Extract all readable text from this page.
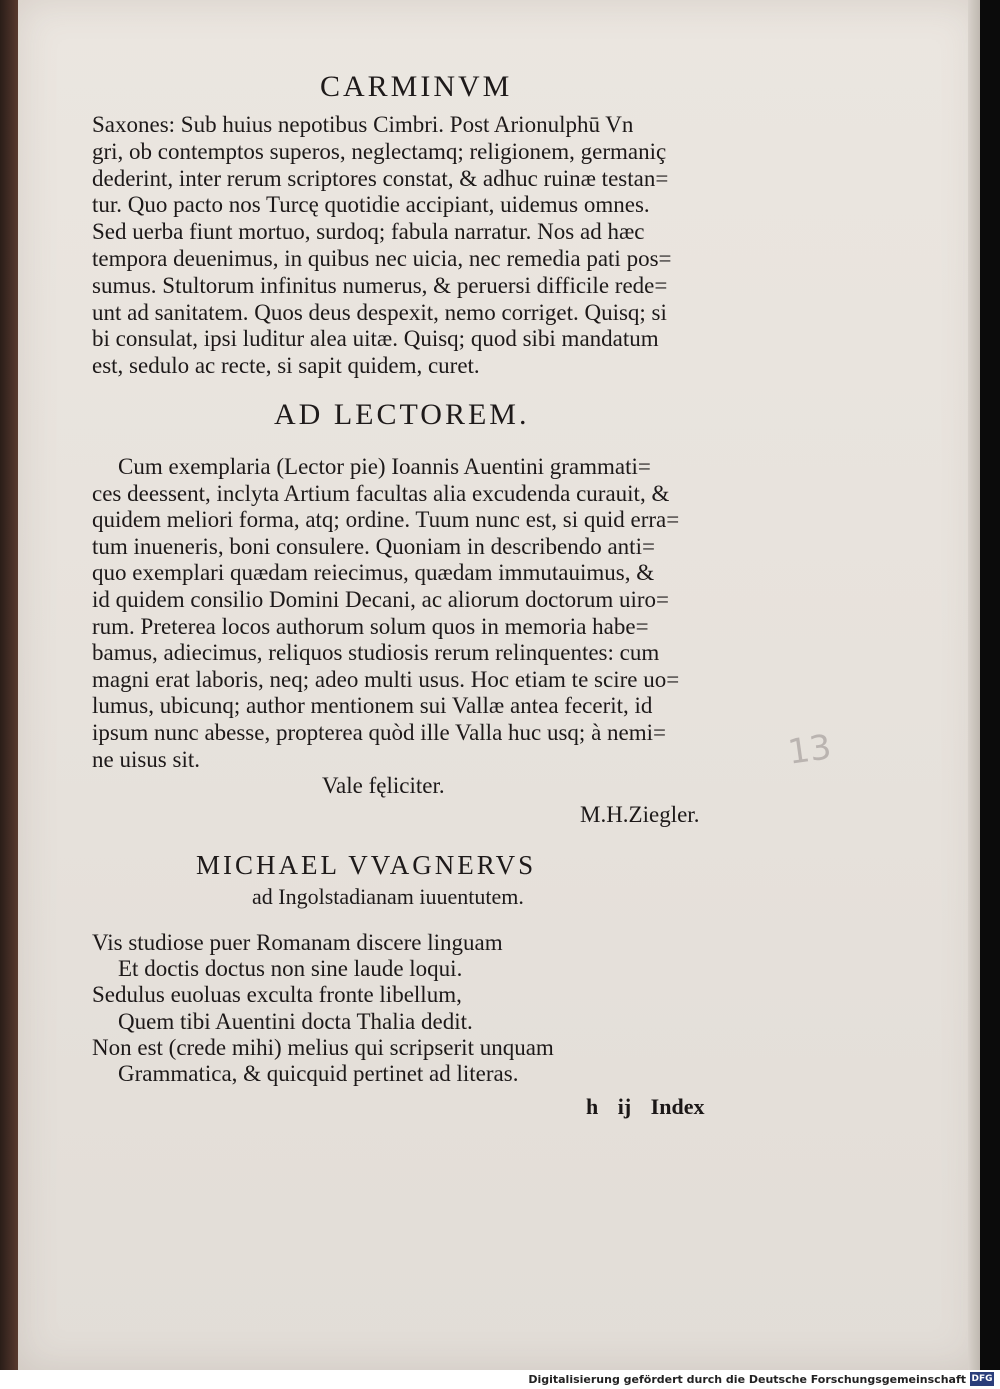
CARMINVM
Saxones: Sub huius nepotibus Cimbri. Post Arionulphū Vn
gri, ob contemptos superos, neglectamq; religionem, germaniç
dederint, inter rerum scriptores constat, & adhuc ruinæ testan=
tur. Quo pacto nos Turcę quotidie accipiant, uidemus omnes.
Sed uerba fiunt mortuo, surdoq; fabula narratur. Nos ad hæc
tempora deuenimus, in quibus nec uicia, nec remedia pati pos=
sumus. Stultorum infinitus numerus, & peruersi difficile rede=
unt ad sanitatem. Quos deus despexit, nemo corriget. Quisq; si
bi consulat, ipsi luditur alea uitæ. Quisq; quod sibi mandatum
est, sedulo ac recte, si sapit quidem, curet.
AD LECTOREM.
Cum exemplaria (Lector pie) Ioannis Auentini grammati=
ces deessent, inclyta Artium facultas alia excudenda curauit, &
quidem meliori forma, atq; ordine. Tuum nunc est, si quid erra=
tum inueneris, boni consulere. Quoniam in describendo anti=
quo exemplari quædam reiecimus, quædam immutauimus, &
id quidem consilio Domini Decani, ac aliorum doctorum uiro=
rum. Preterea locos authorum solum quos in memoria habe=
bamus, adiecimus, reliquos studiosis rerum relinquentes: cum
magni erat laboris, neq; adeo multi usus. Hoc etiam te scire uo=
lumus, ubicunq; author mentionem sui Vallæ antea fecerit, id
ipsum nunc abesse, propterea quòd ille Valla huc usq; à nemi=
ne uisus sit.
Vale fęliciter.
M.H.Ziegler.
13
MICHAEL VVAGNERVS
ad Ingolstadianam iuuentutem.
Vis studiose puer Romanam discere linguam
Et doctis doctus non sine laude loqui.
Sedulus euoluas exculta fronte libellum,
Quem tibi Auentini docta Thalia dedit.
Non est (crede mihi) melius qui scripserit unquam
Grammatica, & quicquid pertinet ad literas.
h ij Index
Digitalisierung gefördert durch die Deutsche Forschungsgemeinschaft DFG
